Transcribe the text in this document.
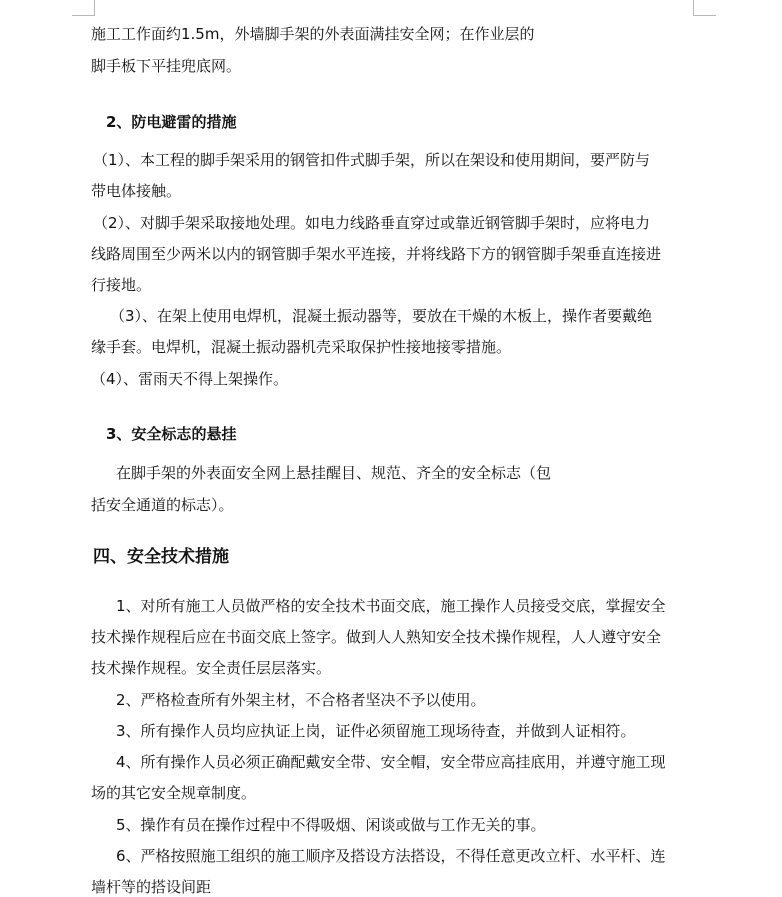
施工工作面约1.5m，外墙脚手架的外表面满挂安全网；在作业层的
脚手板下平挂兜底网。
2、防电避雷的措施
（1）、本工程的脚手架采用的钢管扣件式脚手架，所以在架设和使用期间，要严防与
带电体接触。
（2）、对脚手架采取接地处理。如电力线路垂直穿过或靠近钢管脚手架时，应将电力
线路周围至少两米以内的钢管脚手架水平连接，并将线路下方的钢管脚手架垂直连接进
行接地。
（3）、在架上使用电焊机，混凝土振动器等，要放在干燥的木板上，操作者要戴绝
缘手套。电焊机，混凝土振动器机壳采取保护性接地接零措施。
（4）、雷雨天不得上架操作。
3、安全标志的悬挂
在脚手架的外表面安全网上悬挂醒目、规范、齐全的安全标志（包
括安全通道的标志）。
四、安全技术措施
1、对所有施工人员做严格的安全技术书面交底，施工操作人员接受交底，掌握安全
技术操作规程后应在书面交底上签字。做到人人熟知安全技术操作规程，人人遵守安全
技术操作规程。安全责任层层落实。
2、严格检查所有外架主材，不合格者坚决不予以使用。
3、所有操作人员均应执证上岗，证件必须留施工现场待查，并做到人证相符。
4、所有操作人员必须正确配戴安全带、安全帽，安全带应高挂底用，并遵守施工现
场的其它安全规章制度。
5、操作有员在操作过程中不得吸烟、闲谈或做与工作无关的事。
6、严格按照施工组织的施工顺序及搭设方法搭设，不得任意更改立杆、水平杆、连
墙杆等的搭设间距
